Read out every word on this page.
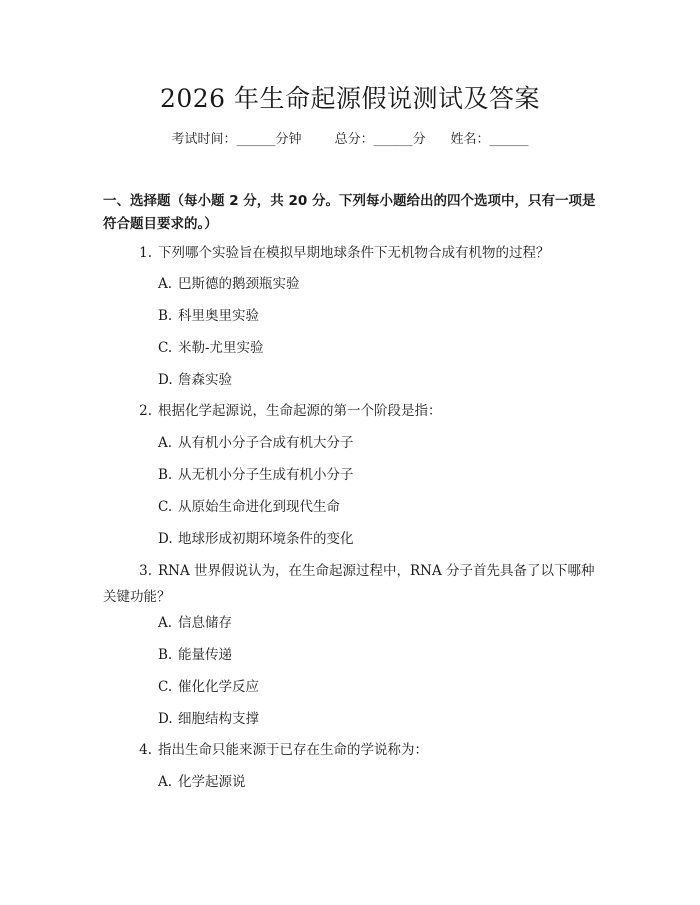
2026 年生命起源假说测试及答案
考试时间：______分钟	总分：______分 姓名：______
一、选择题（每小题 2 分，共 20 分。下列每小题给出的四个选项中，只有一项是符合题目要求的。）
1. 下列哪个实验旨在模拟早期地球条件下无机物合成有机物的过程？
A. 巴斯德的鹅颈瓶实验
B. 科里奥里实验
C. 米勒-尤里实验
D. 詹森实验
2. 根据化学起源说，生命起源的第一个阶段是指：
A. 从有机小分子合成有机大分子
B. 从无机小分子生成有机小分子
C. 从原始生命进化到现代生命
D. 地球形成初期环境条件的变化
3. RNA 世界假说认为，在生命起源过程中，RNA 分子首先具备了以下哪种关键功能？
A. 信息储存
B. 能量传递
C. 催化化学反应
D. 细胞结构支撑
4. 指出生命只能来源于已存在生命的学说称为：
A. 化学起源说
